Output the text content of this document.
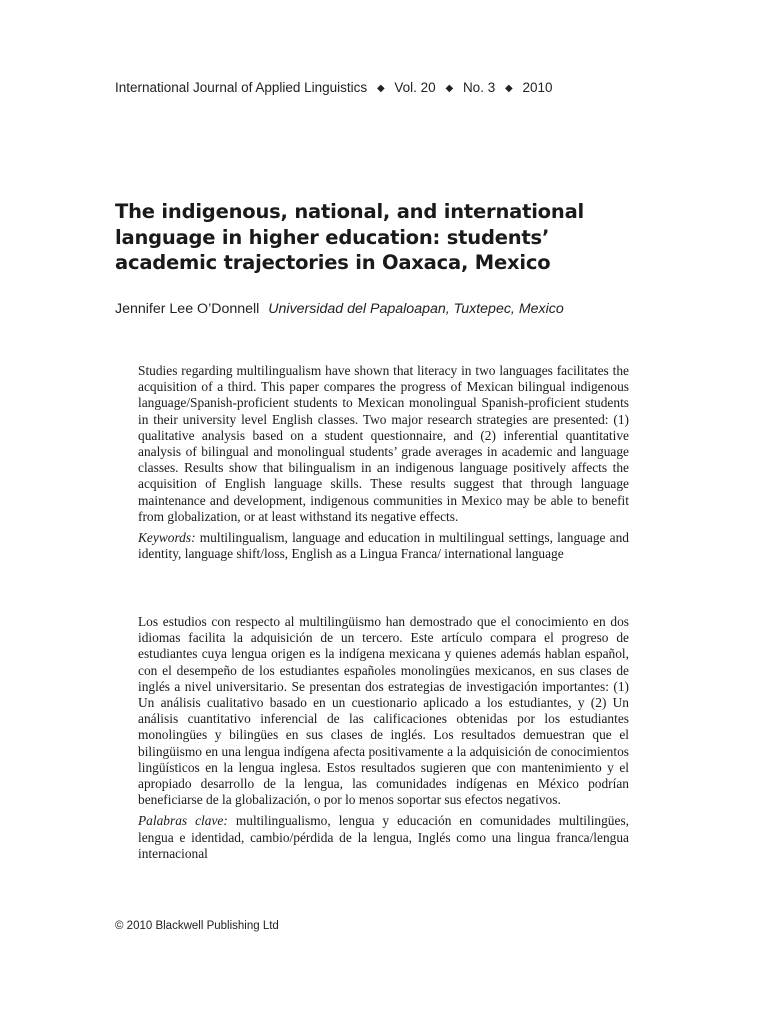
International Journal of Applied Linguistics ◆ Vol. 20 ◆ No. 3 ◆ 2010
The indigenous, national, and international language in higher education: students’ academic trajectories in Oaxaca, Mexico
Jennifer Lee O’Donnell Universidad del Papaloapan, Tuxtepec, Mexico

Studies regarding multilingualism have shown that literacy in two languages facilitates the acquisition of a third. This paper compares the progress of Mexican bilingual indigenous language/Spanish-proficient students to Mexican monolingual Spanish-proficient students in their university level English classes. Two major research strategies are presented: (1) qualitative analysis based on a student questionnaire, and (2) inferential quantitative analysis of bilingual and monolingual students’ grade averages in academic and language classes. Results show that bilingualism in an indigenous language positively affects the acquisition of English language skills. These results suggest that through language maintenance and development, indigenous communities in Mexico may be able to benefit from globalization, or at least withstand its negative effects.

Keywords: multilingualism, language and education in multilingual settings, language and identity, language shift/loss, English as a Lingua Franca/ international language

Los estudios con respecto al multilingüismo han demostrado que el conocimiento en dos idiomas facilita la adquisición de un tercero. Este artículo compara el progreso de estudiantes cuya lengua origen es la indígena mexicana y quienes además hablan español, con el desempeño de los estudiantes españoles monolingües mexicanos, en sus clases de inglés a nivel universitario. Se presentan dos estrategias de investigación importantes: (1) Un análisis cualitativo basado en un cuestionario aplicado a los estudiantes, y (2) Un análisis cuantitativo inferencial de las calificaciones obtenidas por los estudiantes monolingües y bilingües en sus clases de inglés. Los resultados demuestran que el bilingüismo en una lengua indígena afecta positivamente a la adquisición de conocimientos lingüísticos en la lengua inglesa. Estos resultados sugieren que con mantenimiento y el apropiado desarrollo de la lengua, las comunidades indígenas en México podrían beneficiarse de la globalización, o por lo menos soportar sus efectos negativos.

Palabras clave: multilingualismo, lengua y educación en comunidades multilingües, lengua e identidad, cambio/pérdida de la lengua, Inglés como una lingua franca/lengua internacional

© 2010 Blackwell Publishing Ltd
